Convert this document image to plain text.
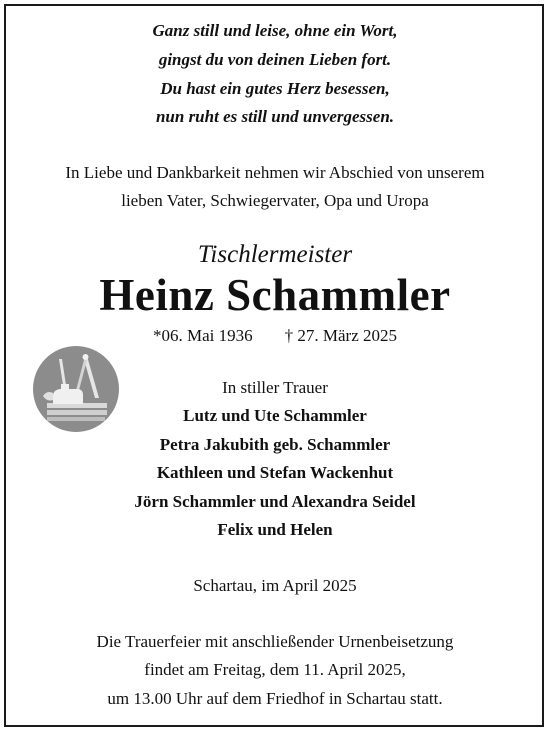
Ganz still und leise, ohne ein Wort,
gingst du von deinen Lieben fort.
Du hast ein gutes Herz besessen,
nun ruht es still und unvergessen.
In Liebe und Dankbarkeit nehmen wir Abschied von unserem
lieben Vater, Schwiegervater, Opa und Uropa
Tischlermeister
Heinz Schammler
*06. Mai 1936 † 27. März 2025
In stiller Trauer
Lutz und Ute Schammler
Petra Jakubith geb. Schammler
Kathleen und Stefan Wackenhut
Jörn Schammler und Alexandra Seidel
Felix und Helen
Schartau, im April 2025
Die Trauerfeier mit anschließender Urnenbeisetzung
findet am Freitag, dem 11. April 2025,
um 13.00 Uhr auf dem Friedhof in Schartau statt.
